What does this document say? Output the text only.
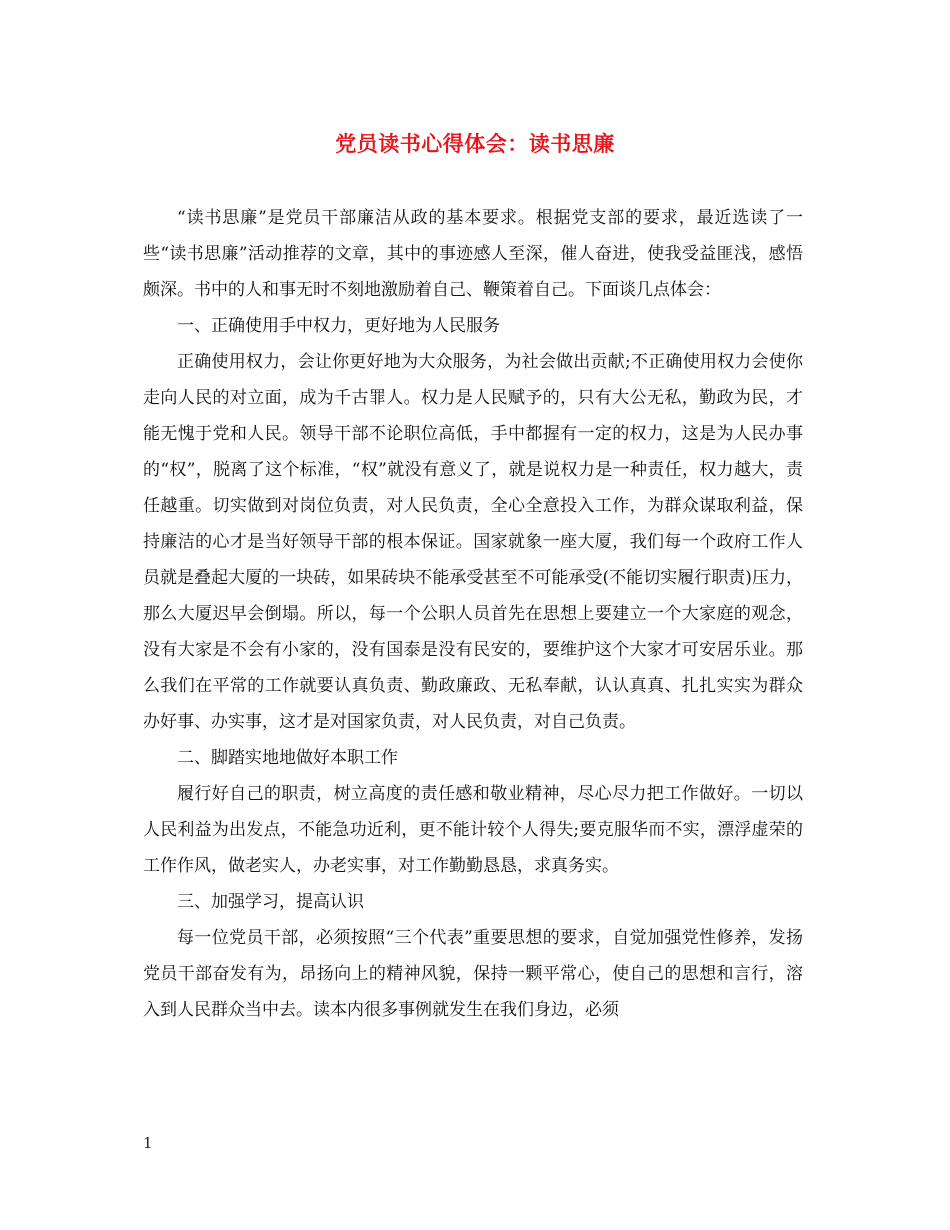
党员读书心得体会：读书思廉

“读书思廉”是党员干部廉洁从政的基本要求。根据党支部的要求，最近选读了一些“读书思廉”活动推荐的文章，其中的事迹感人至深，催人奋进，使我受益匪浅，感悟颇深。书中的人和事无时不刻地激励着自己、鞭策着自己。下面谈几点体会：

一、正确使用手中权力，更好地为人民服务

正确使用权力，会让你更好地为大众服务，为社会做出贡献;不正确使用权力会使你走向人民的对立面，成为千古罪人。权力是人民赋予的，只有大公无私，勤政为民，才能无愧于党和人民。领导干部不论职位高低，手中都握有一定的权力，这是为人民办事的“权”，脱离了这个标准，“权”就没有意义了，就是说权力是一种责任，权力越大，责任越重。切实做到对岗位负责，对人民负责，全心全意投入工作，为群众谋取利益，保持廉洁的心才是当好领导干部的根本保证。国家就象一座大厦，我们每一个政府工作人员就是叠起大厦的一块砖，如果砖块不能承受甚至不可能承受(不能切实履行职责)压力，那么大厦迟早会倒塌。所以，每一个公职人员首先在思想上要建立一个大家庭的观念，没有大家是不会有小家的，没有国泰是没有民安的，要维护这个大家才可安居乐业。那么我们在平常的工作就要认真负责、勤政廉政、无私奉献，认认真真、扎扎实实为群众办好事、办实事，这才是对国家负责，对人民负责，对自己负责。

二、脚踏实地地做好本职工作

履行好自己的职责，树立高度的责任感和敬业精神，尽心尽力把工作做好。一切以人民利益为出发点，不能急功近利，更不能计较个人得失;要克服华而不实，漂浮虚荣的工作作风，做老实人，办老实事，对工作勤勤恳恳，求真务实。

三、加强学习，提高认识

每一位党员干部，必须按照“三个代表”重要思想的要求，自觉加强党性修养，发扬党员干部奋发有为，昂扬向上的精神风貌，保持一颗平常心，使自己的思想和言行，溶入到人民群众当中去。读本内很多事例就发生在我们身边，必须

1
